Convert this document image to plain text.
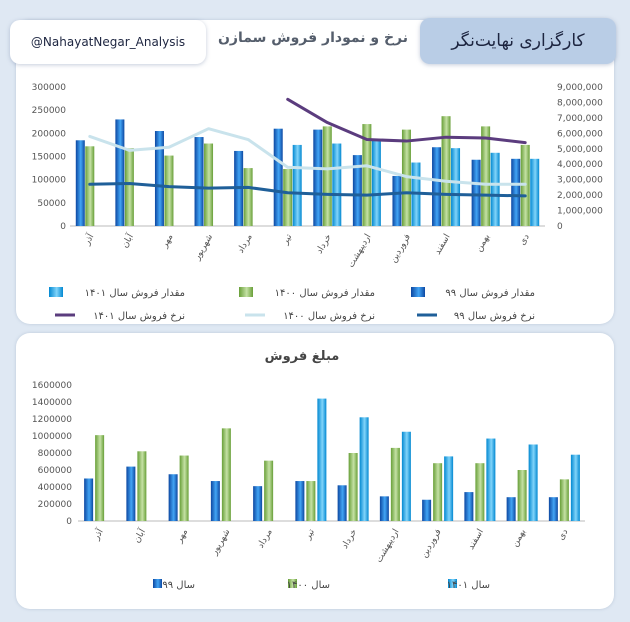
@NahayatNegar_Analysis	نرخ و نمودار فروش سمازن	کارگزاری نهایت‌نگر
0
50000
100000
150000
200000
250000
300000
0
1,000,000
2,000,000
3,000,000
4,000,000
5,000,000
6,000,000
7,000,000
8,000,000
9,000,000
دی
بهمن
اسفند
فروردین
اردیبهشت
خرداد
تیر
مرداد
شهریور
مهر
آبان
آذر
مقدار فروش سال ۹۹
مقدار فروش سال ۱۴۰۰
مقدار فروش سال ۱۴۰۱
نرخ فروش سال ۹۹
نرخ فروش سال ۱۴۰۰
نرخ فروش سال ۱۴۰۱
مبلغ فروش
0
200000
400000
600000
800000
1000000
1200000
1400000
1600000
دی
بهمن
اسفند
فروردین
اردیبهشت
خرداد
تیر
مرداد
شهریور
مهر
آبان
آذر
سال ۹۹	سال ۱۴۰۰	سال ۱۴۰۱
